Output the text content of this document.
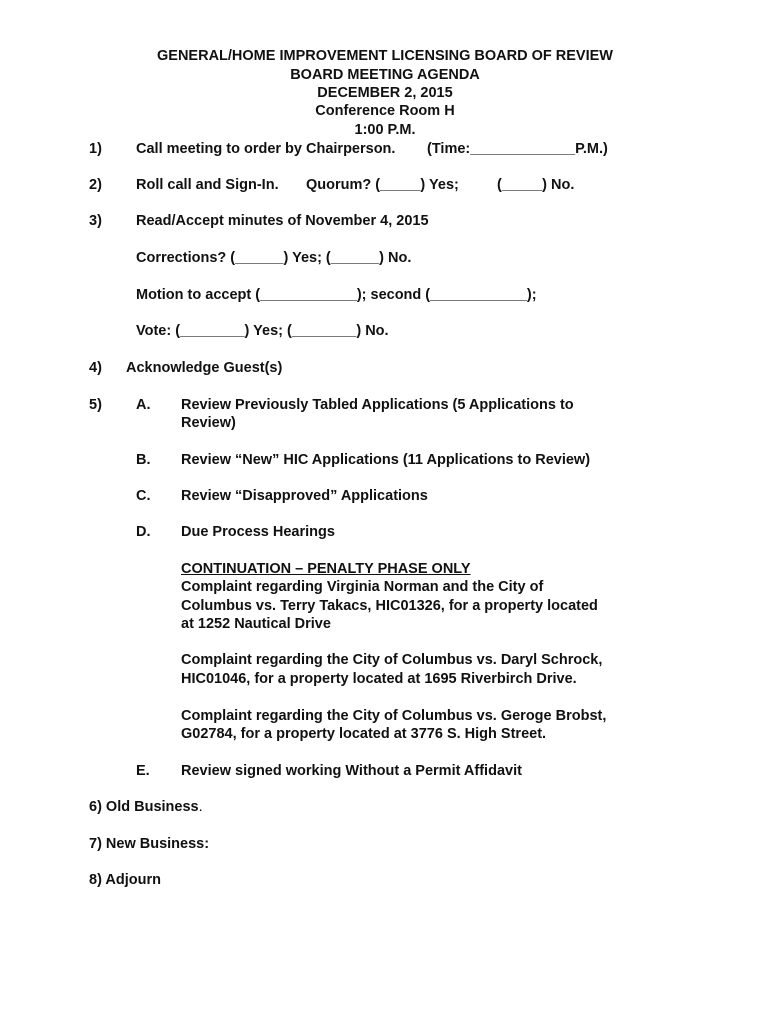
GENERAL/HOME IMPROVEMENT LICENSING BOARD OF REVIEW
BOARD MEETING AGENDA
DECEMBER 2, 2015
Conference Room H
1:00 P.M.
1) Call meeting to order by Chairperson. (Time:_____________P.M.)
2) Roll call and Sign-In. Quorum? (_____) Yes;	(_____) No.
3) Read/Accept minutes of November 4, 2015
Corrections? (______) Yes; (______) No.
Motion to accept (____________); second (____________);
Vote: (________) Yes; (________) No.
4) Acknowledge Guest(s)
5) A. Review Previously Tabled Applications (5 Applications to
Review)
B. Review “New” HIC Applications (11 Applications to Review)
C. Review “Disapproved” Applications
D. Due Process Hearings
CONTINUATION – PENALTY PHASE ONLY
Complaint regarding Virginia Norman and the City of
Columbus vs. Terry Takacs, HIC01326, for a property located
at 1252 Nautical Drive
Complaint regarding the City of Columbus vs. Daryl Schrock,
HIC01046, for a property located at 1695 Riverbirch Drive.
Complaint regarding the City of Columbus vs. Geroge Brobst,
G02784, for a property located at 3776 S. High Street.
E. Review signed working Without a Permit Affidavit
6) Old Business.
7) New Business:
8) Adjourn
